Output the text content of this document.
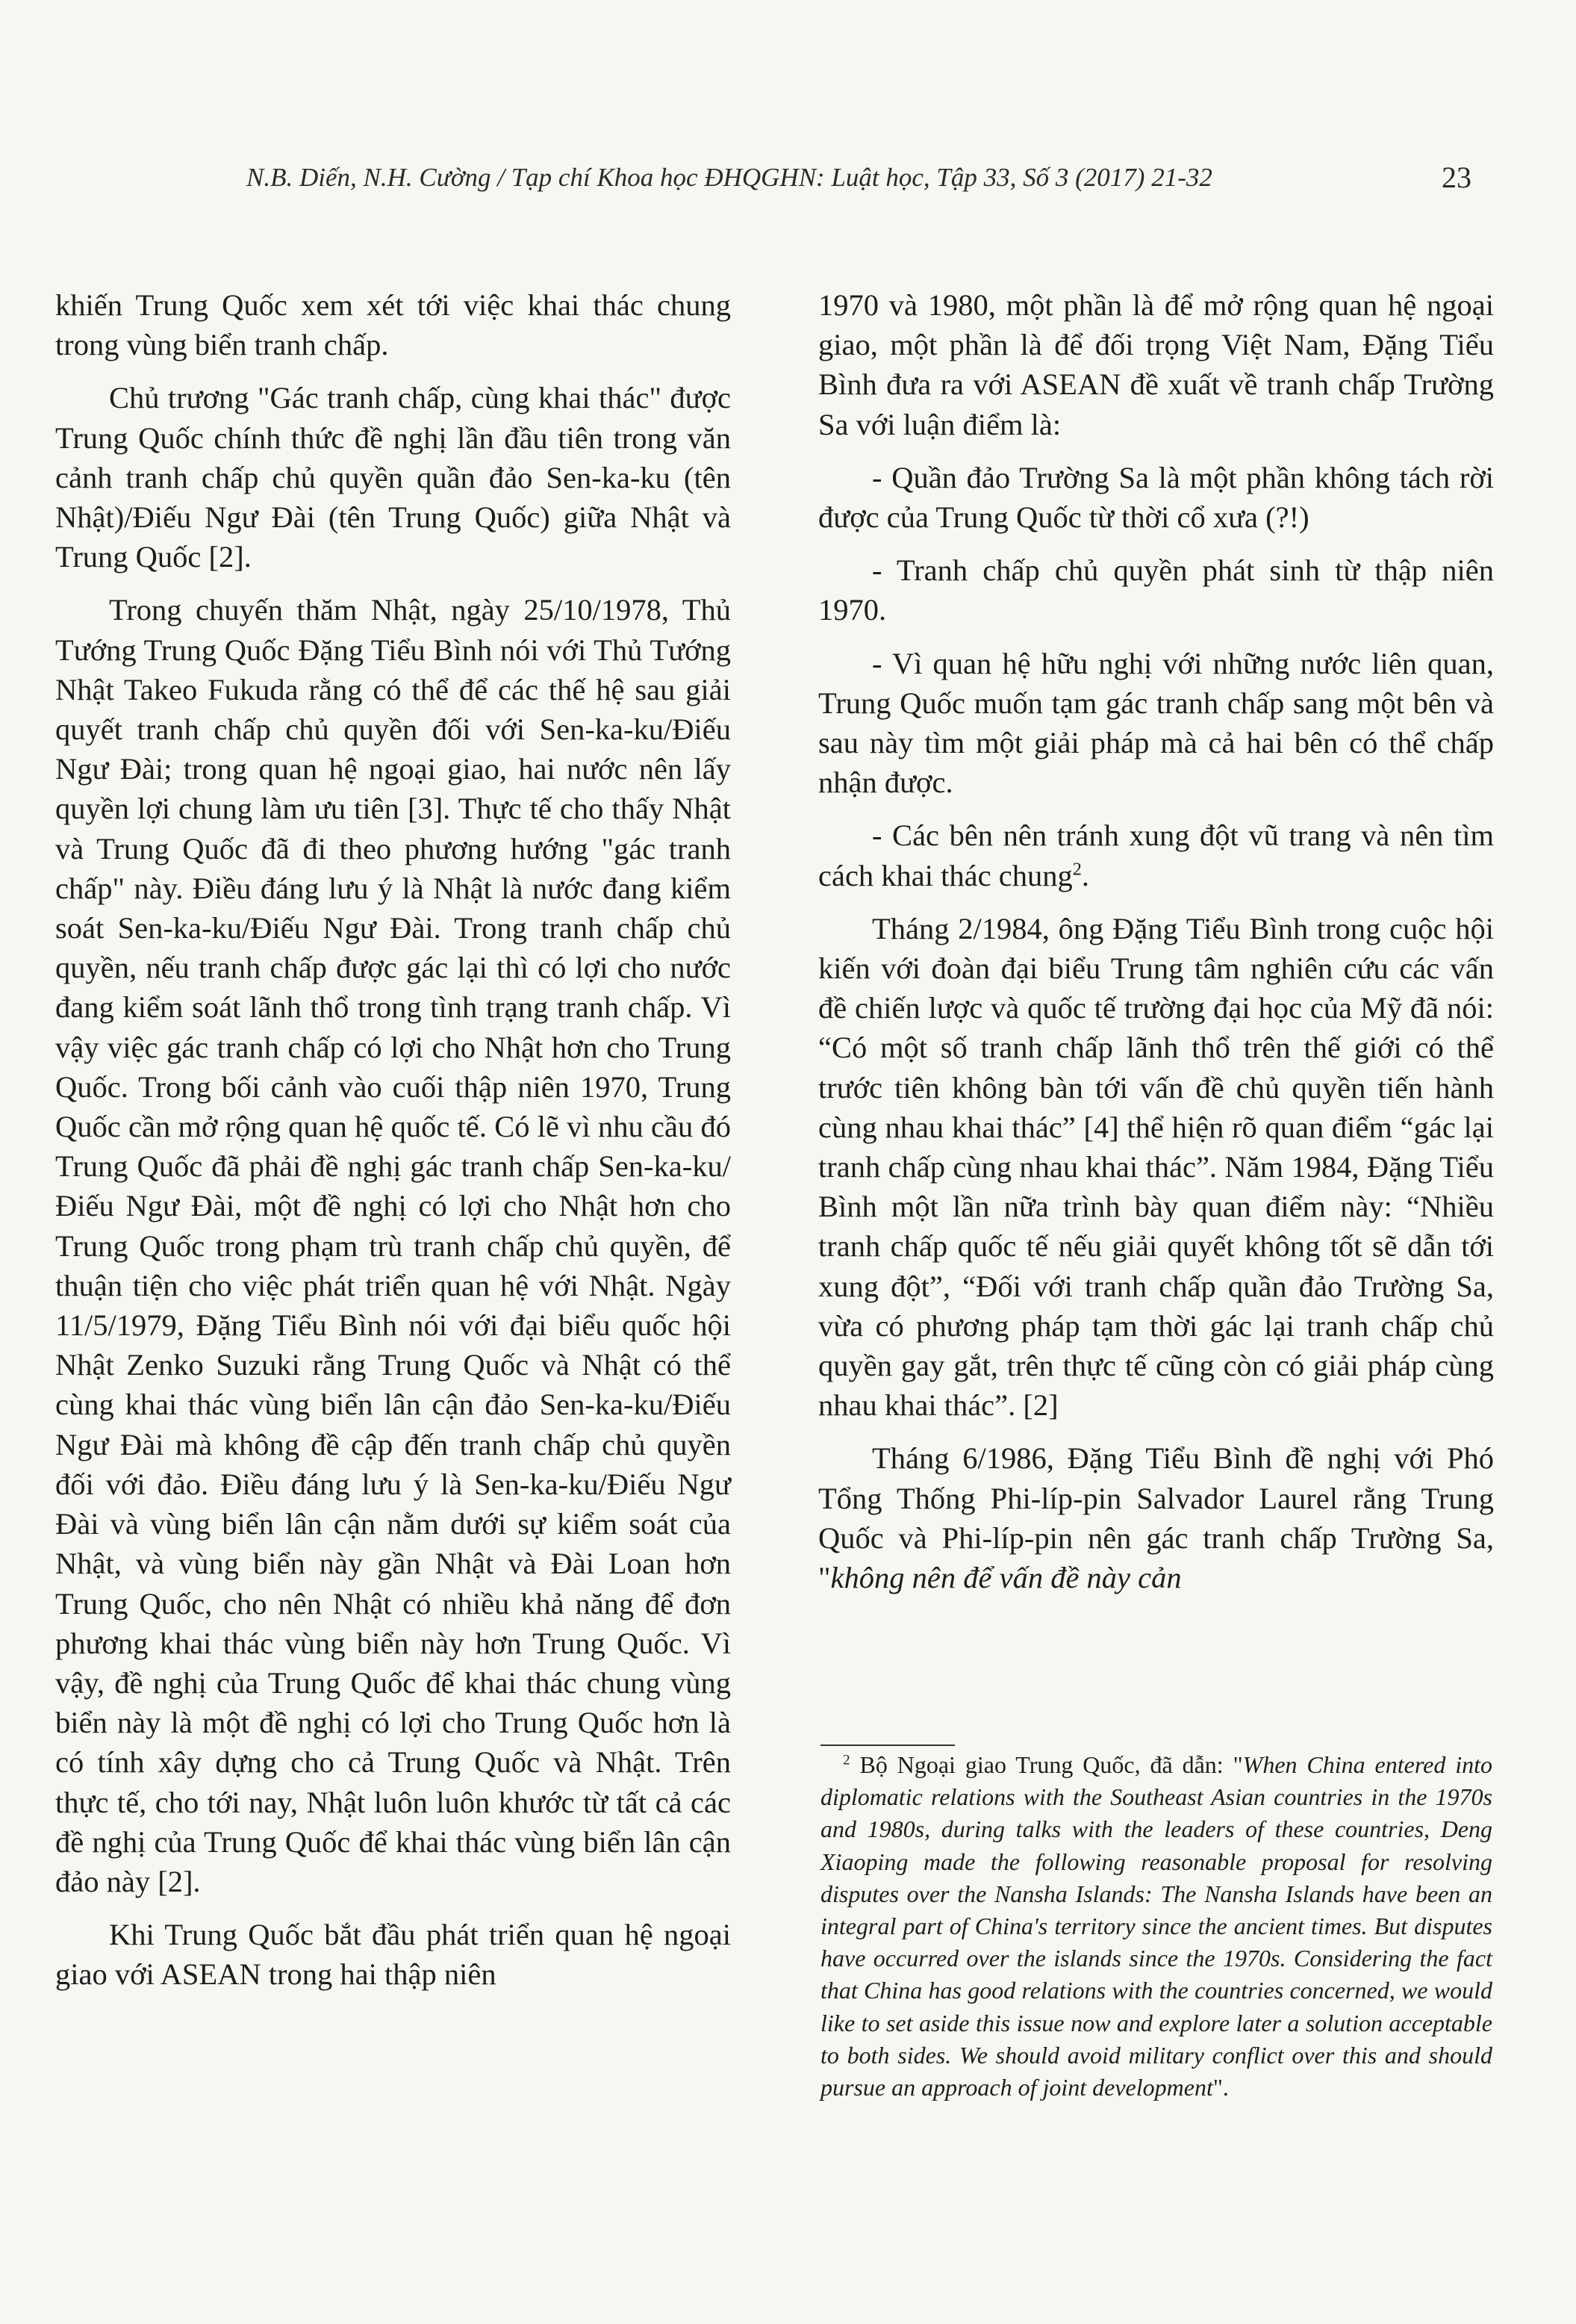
N.B. Diến, N.H. Cường / Tạp chí Khoa học ĐHQGHN: Luật học, Tập 33, Số 3 (2017) 21-32	23

khiến Trung Quốc xem xét tới việc khai thác chung trong vùng biển tranh chấp.

Chủ trương "Gác tranh chấp, cùng khai thác" được Trung Quốc chính thức đề nghị lần đầu tiên trong văn cảnh tranh chấp chủ quyền quần đảo Sen-ka-ku (tên Nhật)/Điếu Ngư Đài (tên Trung Quốc) giữa Nhật và Trung Quốc [2].

Trong chuyến thăm Nhật, ngày 25/10/1978, Thủ Tướng Trung Quốc Đặng Tiểu Bình nói với Thủ Tướng Nhật Takeo Fukuda rằng có thể để các thế hệ sau giải quyết tranh chấp chủ quyền đối với Sen-ka-ku/Điếu Ngư Đài; trong quan hệ ngoại giao, hai nước nên lấy quyền lợi chung làm ưu tiên [3]. Thực tế cho thấy Nhật và Trung Quốc đã đi theo phương hướng "gác tranh chấp" này. Điều đáng lưu ý là Nhật là nước đang kiểm soát Sen-ka-ku/Điếu Ngư Đài. Trong tranh chấp chủ quyền, nếu tranh chấp được gác lại thì có lợi cho nước đang kiểm soát lãnh thổ trong tình trạng tranh chấp. Vì vậy việc gác tranh chấp có lợi cho Nhật hơn cho Trung Quốc. Trong bối cảnh vào cuối thập niên 1970, Trung Quốc cần mở rộng quan hệ quốc tế. Có lẽ vì nhu cầu đó Trung Quốc đã phải đề nghị gác tranh chấp Sen-ka-ku/Điếu Ngư Đài, một đề nghị có lợi cho Nhật hơn cho Trung Quốc trong phạm trù tranh chấp chủ quyền, để thuận tiện cho việc phát triển quan hệ với Nhật. Ngày 11/5/1979, Đặng Tiểu Bình nói với đại biểu quốc hội Nhật Zenko Suzuki rằng Trung Quốc và Nhật có thể cùng khai thác vùng biển lân cận đảo Sen-ka-ku/Điếu Ngư Đài mà không đề cập đến tranh chấp chủ quyền đối với đảo. Điều đáng lưu ý là Sen-ka-ku/Điếu Ngư Đài và vùng biển lân cận nằm dưới sự kiểm soát của Nhật, và vùng biển này gần Nhật và Đài Loan hơn Trung Quốc, cho nên Nhật có nhiều khả năng để đơn phương khai thác vùng biển này hơn Trung Quốc. Vì vậy, đề nghị của Trung Quốc để khai thác chung vùng biển này là một đề nghị có lợi cho Trung Quốc hơn là có tính xây dựng cho cả Trung Quốc và Nhật. Trên thực tế, cho tới nay, Nhật luôn luôn khước từ tất cả các đề nghị của Trung Quốc để khai thác vùng biển lân cận đảo này [2].

Khi Trung Quốc bắt đầu phát triển quan hệ ngoại giao với ASEAN trong hai thập niên

1970 và 1980, một phần là để mở rộng quan hệ ngoại giao, một phần là để đối trọng Việt Nam, Đặng Tiểu Bình đưa ra với ASEAN đề xuất về tranh chấp Trường Sa với luận điểm là:

- Quần đảo Trường Sa là một phần không tách rời được của Trung Quốc từ thời cổ xưa (?!)

- Tranh chấp chủ quyền phát sinh từ thập niên 1970.

- Vì quan hệ hữu nghị với những nước liên quan, Trung Quốc muốn tạm gác tranh chấp sang một bên và sau này tìm một giải pháp mà cả hai bên có thể chấp nhận được.

- Các bên nên tránh xung đột vũ trang và nên tìm cách khai thác chung$^2$.

Tháng 2/1984, ông Đặng Tiểu Bình trong cuộc hội kiến với đoàn đại biểu Trung tâm nghiên cứu các vấn đề chiến lược và quốc tế trường đại học của Mỹ đã nói: “Có một số tranh chấp lãnh thổ trên thế giới có thể trước tiên không bàn tới vấn đề chủ quyền tiến hành cùng nhau khai thác” [4] thể hiện rõ quan điểm “gác lại tranh chấp cùng nhau khai thác”. Năm 1984, Đặng Tiểu Bình một lần nữa trình bày quan điểm này: “Nhiều tranh chấp quốc tế nếu giải quyết không tốt sẽ dẫn tới xung đột”, “Đối với tranh chấp quần đảo Trường Sa, vừa có phương pháp tạm thời gác lại tranh chấp chủ quyền gay gắt, trên thực tế cũng còn có giải pháp cùng nhau khai thác”. [2]

Tháng 6/1986, Đặng Tiểu Bình đề nghị với Phó Tổng Thống Phi-líp-pin Salvador Laurel rằng Trung Quốc và Phi-líp-pin nên gác tranh chấp Trường Sa, "không nên để vấn đề này cản

$^2$ Bộ Ngoại giao Trung Quốc, đã dẫn: "When China entered into diplomatic relations with the Southeast Asian countries in the 1970s and 1980s, during talks with the leaders of these countries, Deng Xiaoping made the following reasonable proposal for resolving disputes over the Nansha Islands: The Nansha Islands have been an integral part of China's territory since the ancient times. But disputes have occurred over the islands since the 1970s. Considering the fact that China has good relations with the countries concerned, we would like to set aside this issue now and explore later a solution acceptable to both sides. We should avoid military conflict over this and should pursue an approach of joint development".
